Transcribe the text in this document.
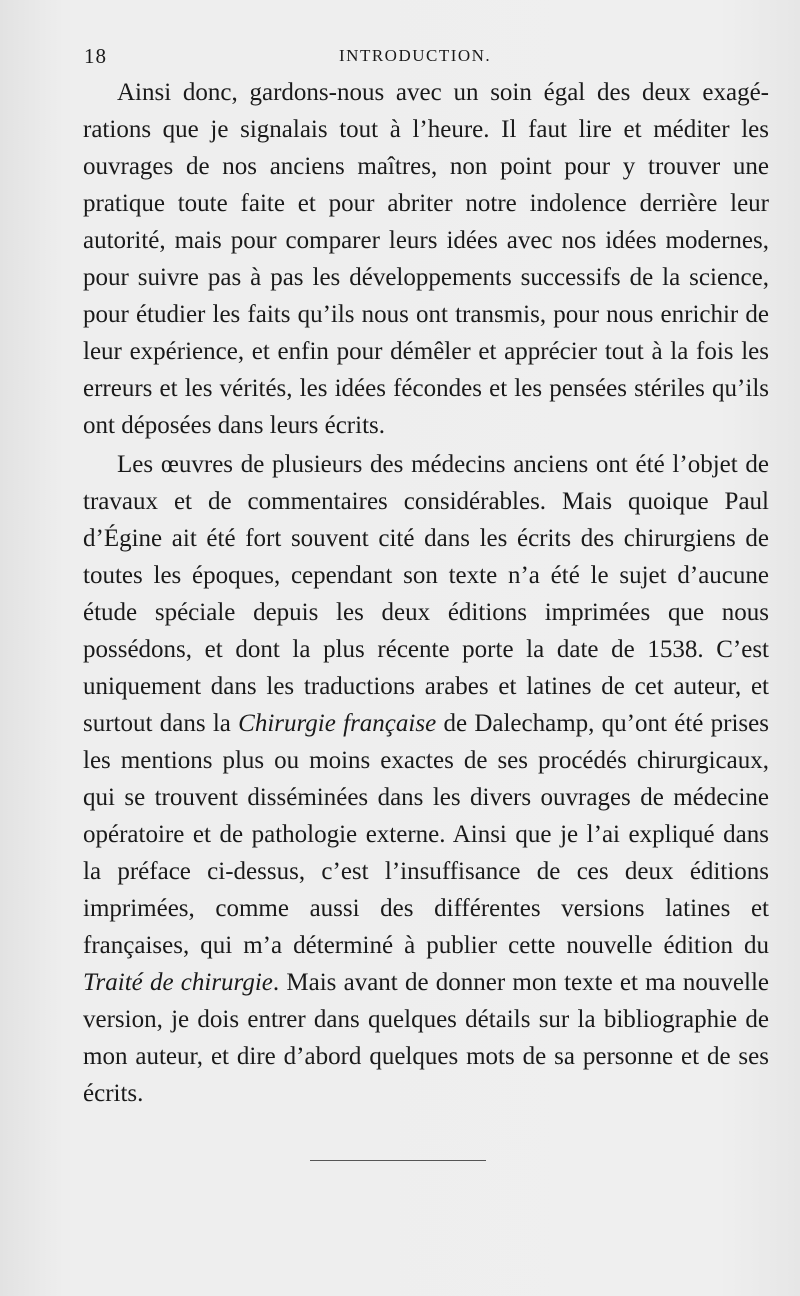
18	INTRODUCTION.

Ainsi donc, gardons-nous avec un soin égal des deux exagérations que je signalais tout à l’heure. Il faut lire et méditer les ouvrages de nos anciens maîtres, non point pour y trouver une pratique toute faite et pour abriter notre indolence derrière leur autorité, mais pour comparer leurs idées avec nos idées modernes, pour suivre pas à pas les développements successifs de la science, pour étudier les faits qu’ils nous ont transmis, pour nous enrichir de leur expérience, et enfin pour démêler et apprécier tout à la fois les erreurs et les vérités, les idées fécondes et les pensées stériles qu’ils ont déposées dans leurs écrits.

Les œuvres de plusieurs des médecins anciens ont été l’objet de travaux et de commentaires considérables. Mais quoique Paul d’Égine ait été fort souvent cité dans les écrits des chirurgiens de toutes les époques, cependant son texte n’a été le sujet d’aucune étude spéciale depuis les deux éditions imprimées que nous possédons, et dont la plus récente porte la date de 1538. C’est uniquement dans les traductions arabes et latines de cet auteur, et surtout dans la Chirurgie française de Dalechamp, qu’ont été prises les mentions plus ou moins exactes de ses procédés chirurgicaux, qui se trouvent disséminées dans les divers ouvrages de médecine opératoire et de pathologie externe. Ainsi que je l’ai expliqué dans la préface ci-dessus, c’est l’insuffisance de ces deux éditions imprimées, comme aussi des différentes versions latines et françaises, qui m’a déterminé à publier cette nouvelle édition du Traité de chirurgie. Mais avant de donner mon texte et ma nouvelle version, je dois entrer dans quelques détails sur la bibliographie de mon auteur, et dire d’abord quelques mots de sa personne et de ses écrits.
